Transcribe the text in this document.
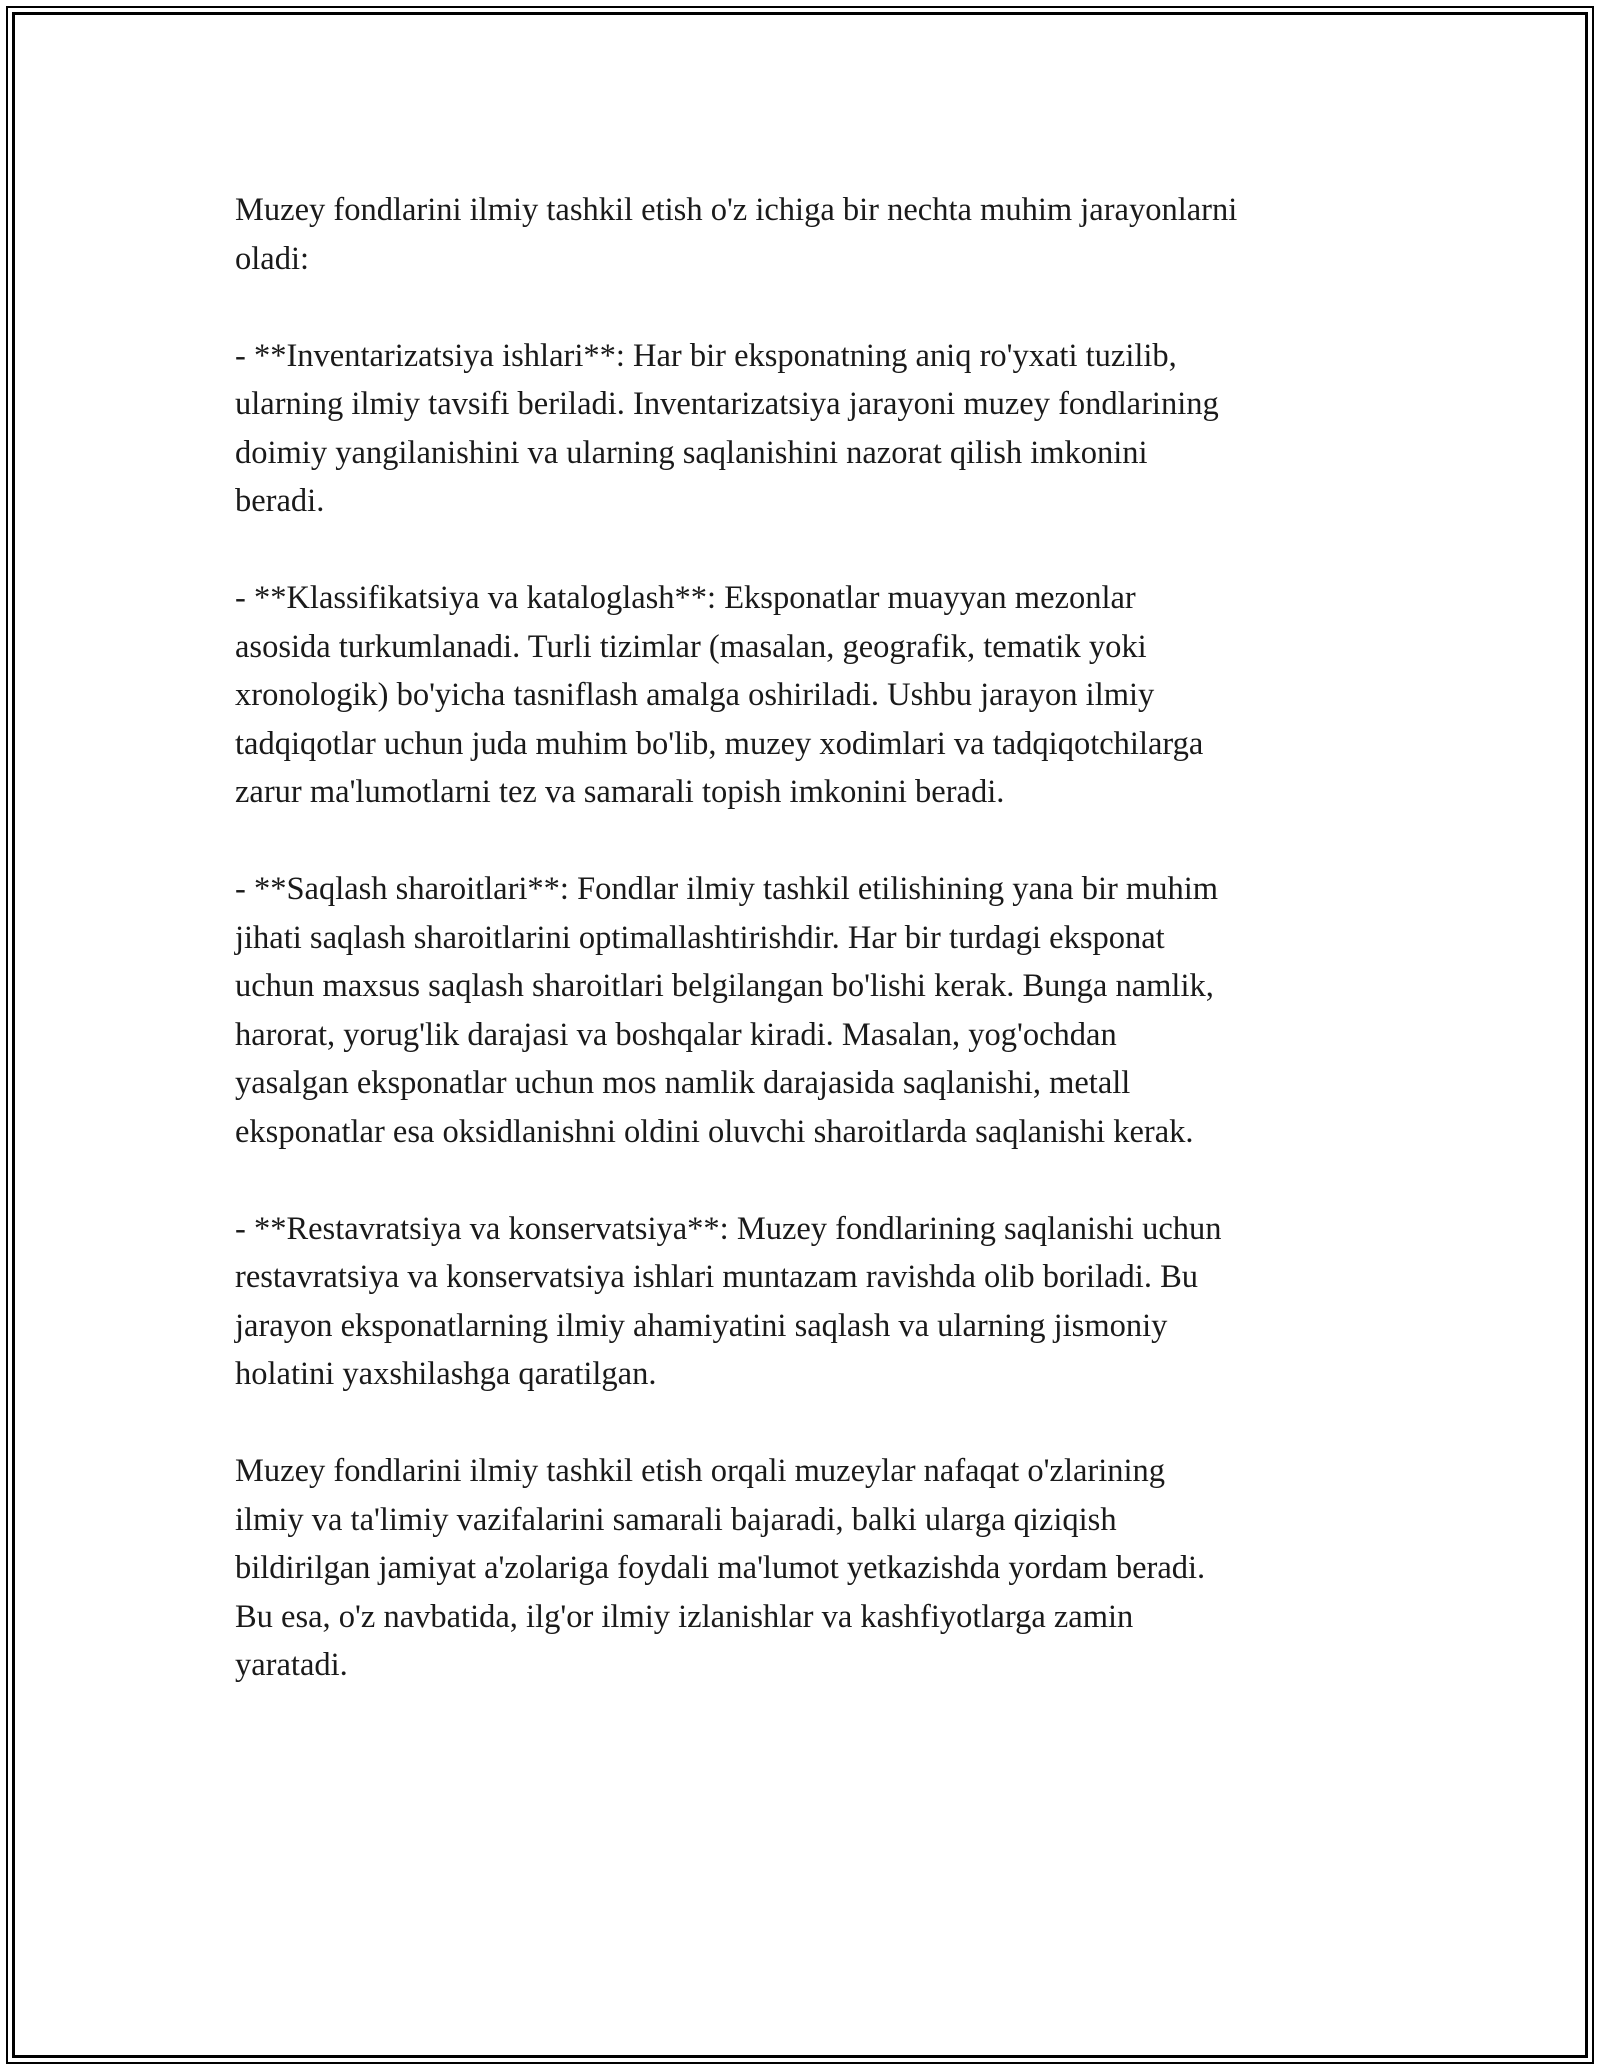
Muzey fondlarini ilmiy tashkil etish o'z ichiga bir nechta muhim jarayonlarni
oladi:

- **Inventarizatsiya ishlari**: Har bir eksponatning aniq ro'yxati tuzilib,
ularning ilmiy tavsifi beriladi. Inventarizatsiya jarayoni muzey fondlarining
doimiy yangilanishini va ularning saqlanishini nazorat qilish imkonini
beradi.

- **Klassifikatsiya va kataloglash**: Eksponatlar muayyan mezonlar
asosida turkumlanadi. Turli tizimlar (masalan, geografik, tematik yoki
xronologik) bo'yicha tasniflash amalga oshiriladi. Ushbu jarayon ilmiy
tadqiqotlar uchun juda muhim bo'lib, muzey xodimlari va tadqiqotchilarga
zarur ma'lumotlarni tez va samarali topish imkonini beradi.

- **Saqlash sharoitlari**: Fondlar ilmiy tashkil etilishining yana bir muhim
jihati saqlash sharoitlarini optimallashtirishdir. Har bir turdagi eksponat
uchun maxsus saqlash sharoitlari belgilangan bo'lishi kerak. Bunga namlik,
harorat, yorug'lik darajasi va boshqalar kiradi. Masalan, yog'ochdan
yasalgan eksponatlar uchun mos namlik darajasida saqlanishi, metall
eksponatlar esa oksidlanishni oldini oluvchi sharoitlarda saqlanishi kerak.

- **Restavratsiya va konservatsiya**: Muzey fondlarining saqlanishi uchun
restavratsiya va konservatsiya ishlari muntazam ravishda olib boriladi. Bu
jarayon eksponatlarning ilmiy ahamiyatini saqlash va ularning jismoniy
holatini yaxshilashga qaratilgan.

Muzey fondlarini ilmiy tashkil etish orqali muzeylar nafaqat o'zlarining
ilmiy va ta'limiy vazifalarini samarali bajaradi, balki ularga qiziqish
bildirilgan jamiyat a'zolariga foydali ma'lumot yetkazishda yordam beradi.
Bu esa, o'z navbatida, ilg'or ilmiy izlanishlar va kashfiyotlarga zamin
yaratadi.
